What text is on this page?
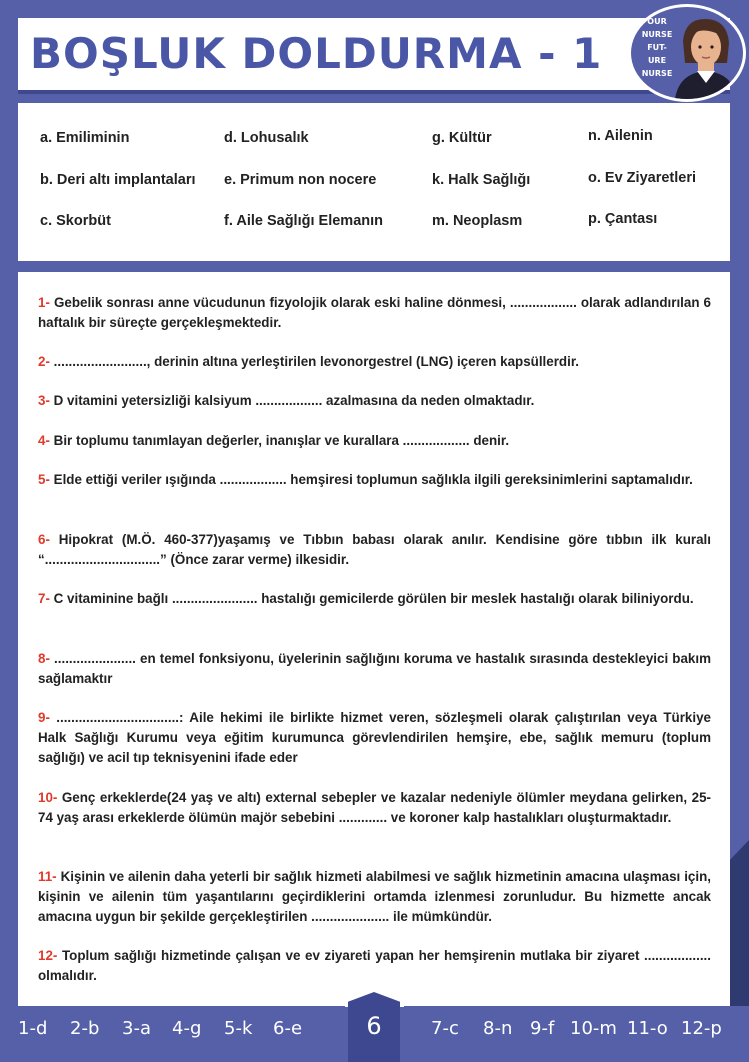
BOŞLUK DOLDURMA - 1
OUR
NURSE
FUT-
URE
NURSE
a. Emiliminin	d. Lohusalık	g. Kültür	n. Ailenin
b. Deri altı implantaları e. Primum non nocere	k. Halk Sağlığı	o. Ev Ziyaretleri
c. Skorbüt	f. Aile Sağlığı Elemanın	m. Neoplasm	p. Çantası

1- Gebelik sonrası anne vücudunun fizyolojik olarak eski haline dönmesi, .................. olarak adlandırılan 6 haftalık bir süreçte gerçekleşmektedir.

2- ........................., derinin altına yerleştirilen levonorgestrel (LNG) içeren kapsüllerdir.

3- D vitamini yetersizliği kalsiyum .................. azalmasına da neden olmaktadır.

4- Bir toplumu tanımlayan değerler, inanışlar ve kurallara .................. denir.

5- Elde ettiği veriler ışığında .................. hemşiresi toplumun sağlıkla ilgili gereksinimlerini saptamalıdır.

6- Hipokrat (M.Ö. 460-377)yaşamış ve Tıbbın babası olarak anılır. Kendisine göre tıbbın ilk kuralı “...............................” (Önce zarar verme) ilkesidir.

7- C vitaminine bağlı ....................... hastalığı gemicilerde görülen bir meslek hastalığı olarak biliniyordu.

8- ...................... en temel fonksiyonu, üyelerinin sağlığını koruma ve hastalık sırasında destekleyici bakım sağlamaktır

9- .................................: Aile hekimi ile birlikte hizmet veren, sözleşmeli olarak çalıştırılan veya Türkiye Halk Sağlığı Kurumu veya eğitim kurumunca görevlendirilen hemşire, ebe, sağlık memuru (toplum sağlığı) ve acil tıp teknisyenini ifade eder

10- Genç erkeklerde(24 yaş ve altı) external sebepler ve kazalar nedeniyle ölümler meydana gelirken, 25-74 yaş arası erkeklerde ölümün majör sebebini ............. ve koroner kalp hastalıkları oluşturmaktadır.

11- Kişinin ve ailenin daha yeterli bir sağlık hizmeti alabilmesi ve sağlık hizmetinin amacına ulaşması için, kişinin ve ailenin tüm yaşantılarını geçirdiklerini ortamda izlenmesi zorunludur. Bu hizmette ancak amacına uygun bir şekilde gerçekleştirilen ..................... ile mümkündür.

12- Toplum sağlığı hizmetinde çalışan ve ev ziyareti yapan her hemşirenin mutlaka bir ziyaret .................. olmalıdır.

1-d 2-b 3-a 4-g 5-k 6-e	7-c 8-n 9-f 10-m 11-o 12-p
6
